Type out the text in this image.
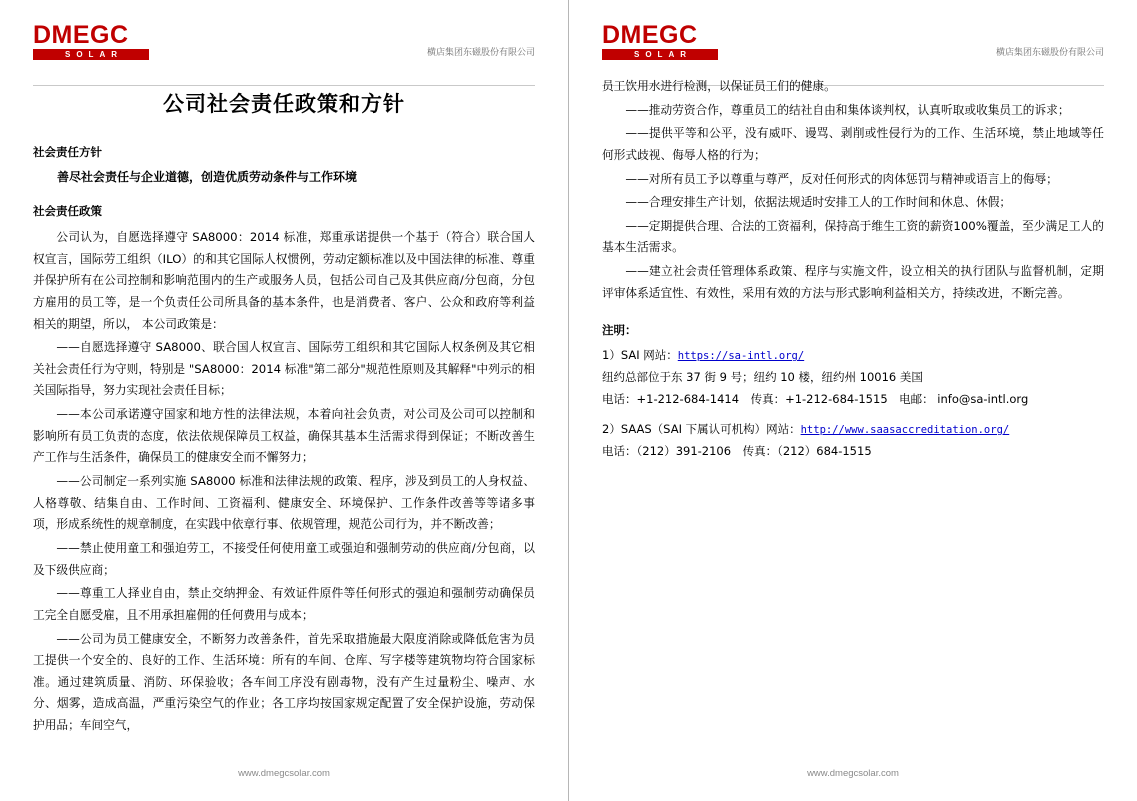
DMEGC
SOLAR	横店集团东磁股份有限公司
公司社会责任政策和方针
社会责任方针
善尽社会责任与企业道德，创造优质劳动条件与工作环境
社会责任政策

公司认为，自愿选择遵守 SA8000：2014 标准，郑重承诺提供一个基于（符合）联合国人权宣言，国际劳工组织（ILO）的和其它国际人权惯例，劳动定额标准以及中国法律的标准、尊重并保护所有在公司控制和影响范围内的生产或服务人员，包括公司自己及其供应商/分包商，分包方雇用的员工等，是一个负责任公司所具备的基本条件，也是消费者、客户、公众和政府等利益相关的期望，所以， 本公司政策是：

——自愿选择遵守 SA8000、联合国人权宣言、国际劳工组织和其它国际人权条例及其它相关社会责任行为守则，特别是 "SA8000：2014 标准"第二部分"规范性原则及其解释"中列示的相关国际指导，努力实现社会责任目标；

——本公司承诺遵守国家和地方性的法律法规，本着向社会负责，对公司及公司可以控制和影响所有员工负责的态度，依法依规保障员工权益，确保其基本生活需求得到保证；不断改善生产工作与生活条件，确保员工的健康安全而不懈努力；

——公司制定一系列实施 SA8000 标准和法律法规的政策、程序，涉及到员工的人身权益、人格尊敬、结集自由、工作时间、工资福利、健康安全、环境保护、工作条件改善等等诸多事项，形成系统性的规章制度，在实践中依章行事、依规管理，规范公司行为，并不断改善；

——禁止使用童工和强迫劳工，不接受任何使用童工或强迫和强制劳动的供应商/分包商，以及下级供应商；

——尊重工人择业自由，禁止交纳押金、有效证件原件等任何形式的强迫和强制劳动确保员工完全自愿受雇，且不用承担雇佣的任何费用与成本；

——公司为员工健康安全，不断努力改善条件，首先采取措施最大限度消除或降低危害为员工提供一个安全的、良好的工作、生活环境：所有的车间、仓库、写字楼等建筑物均符合国家标准。通过建筑质量、消防、环保验收；各车间工序没有剧毒物，没有产生过量粉尘、噪声、水分、烟雾，造成高温，严重污染空气的作业；各工序均按国家规定配置了安全保护设施，劳动保护用品；车间空气，

www.dmegcsolar.com
DMEGC
SOLAR	横店集团东磁股份有限公司

员工饮用水进行检测，以保证员工们的健康。

——推动劳资合作，尊重员工的结社自由和集体谈判权，认真听取或收集员工的诉求；

——提供平等和公平，没有威吓、谩骂、剥削或性侵行为的工作、生活环境，禁止地域等任何形式歧视、侮辱人格的行为；

——对所有员工予以尊重与尊严，反对任何形式的肉体惩罚与精神或语言上的侮辱；

——合理安排生产计划，依据法规适时安排工人的工作时间和休息、休假；

——定期提供合理、合法的工资福利，保持高于维生工资的薪资100%覆盖，至少满足工人的基本生活需求。

——建立社会责任管理体系政策、程序与实施文件，设立相关的执行团队与监督机制，定期评审体系适宜性、有效性，采用有效的方法与形式影响利益相关方，持续改进，不断完善。

注明：

1）SAI 网站：https://sa-intl.org/

纽约总部位于东 37 街 9 号；纽约 10 楼，纽约州 10016 美国

电话：+1-212-684-1414　传真：+1-212-684-1515　电邮： info@sa-intl.org

2）SAAS（SAI 下属认可机构）网站：http://www.saasaccreditation.org/

电话：（212）391-2106　传真：（212）684-1515

www.dmegcsolar.com
